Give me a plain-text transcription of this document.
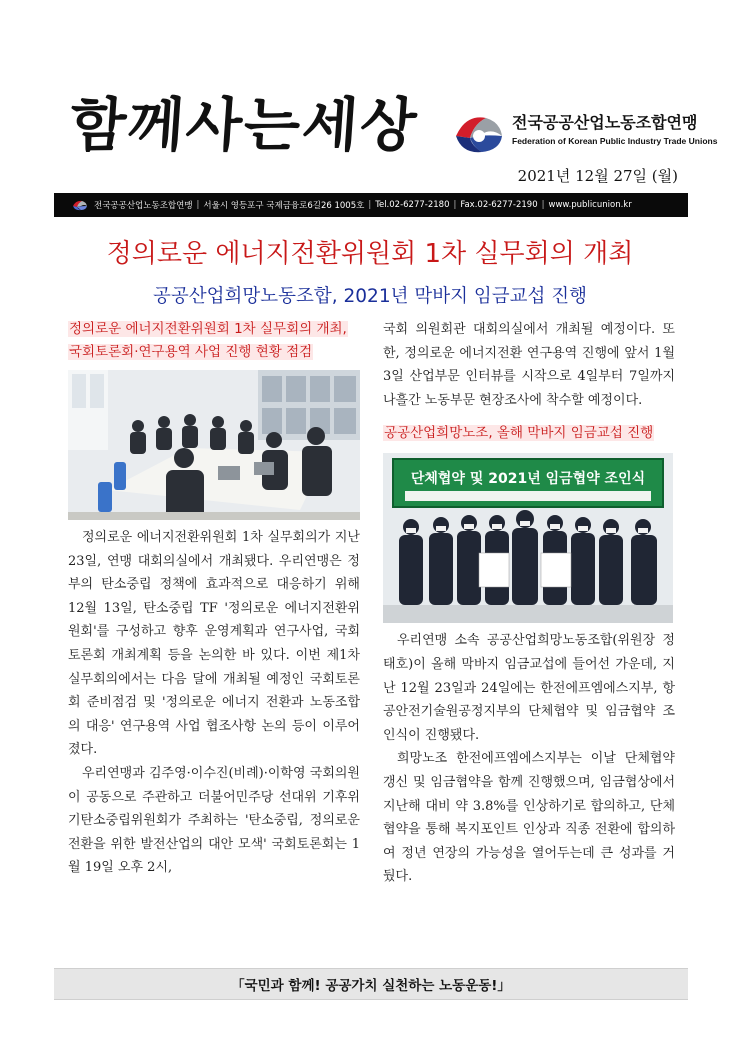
함께사는세상	전국공공산업노동조합연맹
Federation of Korean Public Industry Trade Unions
2021년 12월 27일 (월)
전국공공산업노동조합연맹 | 서울시 영등포구 국제금융로6길26 1005호 | Tel.02-6277-2180 | Fax.02-6277-2190 | www.publicunion.kr
정의로운 에너지전환위원회 1차 실무회의 개최
공공산업희망노동조합, 2021년 막바지 임금교섭 진행
정의로운 에너지전환위원회 1차 실무회의 개최,
국회토론회·연구용역 사업 진행 현황 점검

정의로운 에너지전환위원회 1차 실무회의가 지난 23일, 연맹 대회의실에서 개최됐다. 우리연맹은 정부의 탄소중립 정책에 효과적으로 대응하기 위해 12월 13일, 탄소중립 TF '정의로운 에너지전환위원회'를 구성하고 향후 운영계획과 연구사업, 국회토론회 개최계획 등을 논의한 바 있다. 이번 제1차 실무회의에서는 다음 달에 개최될 예정인 국회토론회 준비점검 및 '정의로운 에너지 전환과 노동조합의 대응' 연구용역 사업 협조사항 논의 등이 이루어졌다.

우리연맹과 김주영·이수진(비례)·이학영 국회의원이 공동으로 주관하고 더불어민주당 선대위 기후위기탄소중립위원회가 주최하는 '탄소중립, 정의로운 전환을 위한 발전산업의 대안 모색' 국회토론회는 1월 19일 오후 2시,

국회 의원회관 대회의실에서 개최될 예정이다. 또한, 정의로운 에너지전환 연구용역 진행에 앞서 1월 3일 산업부문 인터뷰를 시작으로 4일부터 7일까지 나흘간 노동부문 현장조사에 착수할 예정이다.

공공산업희망노조, 올해 막바지 임금교섭 진행
단체협약 및 2021년 임금협약 조인식

우리연맹 소속 공공산업희망노동조합(위원장 정태호)이 올해 막바지 임금교섭에 들어선 가운데, 지난 12월 23일과 24일에는 한전에프엠에스지부, 항공안전기술원공정지부의 단체협약 및 임금협약 조인식이 진행됐다.

희망노조 한전에프엠에스지부는 이날 단체협약 갱신 및 임금협약을 함께 진행했으며, 임금협상에서 지난해 대비 약 3.8%를 인상하기로 합의하고, 단체협약을 통해 복지포인트 인상과 직종 전환에 합의하여 정년 연장의 가능성을 열어두는데 큰 성과를 거뒀다.

「국민과 함께! 공공가치 실천하는 노동운동!」
